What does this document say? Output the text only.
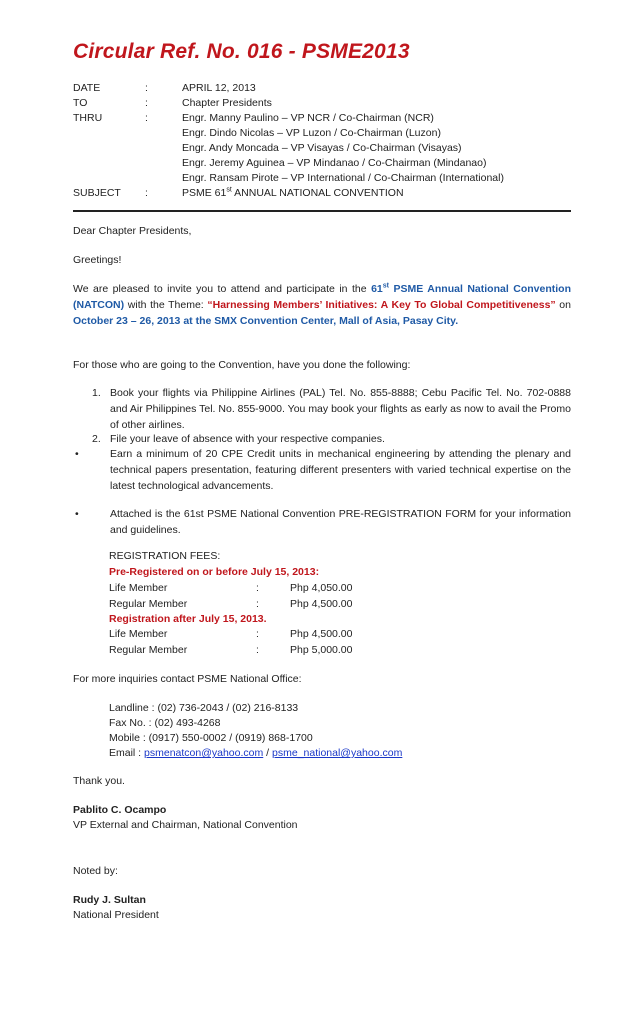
Circular Ref. No. 016 - PSME2013
DATE	:	APRIL 12, 2013
TO	:	Chapter Presidents
THRU	:	Engr. Manny Paulino – VP NCR / Co-Chairman (NCR)
Engr. Dindo Nicolas – VP Luzon / Co-Chairman (Luzon)
Engr. Andy Moncada – VP Visayas / Co-Chairman (Visayas)
Engr. Jeremy Aguinea – VP Mindanao / Co-Chairman (Mindanao)
Engr. Ransam Pirote – VP International / Co-Chairman (International)
SUBJECT	:	PSME 61st ANNUAL NATIONAL CONVENTION
Dear Chapter Presidents,
Greetings!
We are pleased to invite you to attend and participate in the 61st PSME Annual National Convention (NATCON) with the Theme: “Harnessing Members’ Initiatives: A Key To Global Competitiveness” on October 23 – 26, 2013 at the SMX Convention Center, Mall of Asia, Pasay City.
For those who are going to the Convention, have you done the following:
1. Book your flights via Philippine Airlines (PAL) Tel. No. 855-8888; Cebu Pacific Tel. No. 702-0888 and Air Philippines Tel. No. 855-9000. You may book your flights as early as now to avail the Promo of other airlines.
2. File your leave of absence with your respective companies.
•	Earn a minimum of 20 CPE Credit units in mechanical engineering by attending the plenary and technical papers presentation, featuring different presenters with varied technical expertise on the latest technological advancements.
•	Attached is the 61st PSME National Convention PRE-REGISTRATION FORM for your information and guidelines.
REGISTRATION FEES:
Pre-Registered on or before July 15, 2013:
Life Member	:	Php 4,050.00
Regular Member	:	Php 4,500.00
Registration after July 15, 2013.
Life Member	:	Php 4,500.00
Regular Member	:	Php 5,000.00
For more inquiries contact PSME National Office:
Landline : (02) 736-2043 / (02) 216-8133
Fax No. : (02) 493-4268
Mobile : (0917) 550-0002 / (0919) 868-1700
Email : psmenatcon@yahoo.com / psme_national@yahoo.com
Thank you.
Pablito C. Ocampo
VP External and Chairman, National Convention
Noted by:
Rudy J. Sultan
National President
